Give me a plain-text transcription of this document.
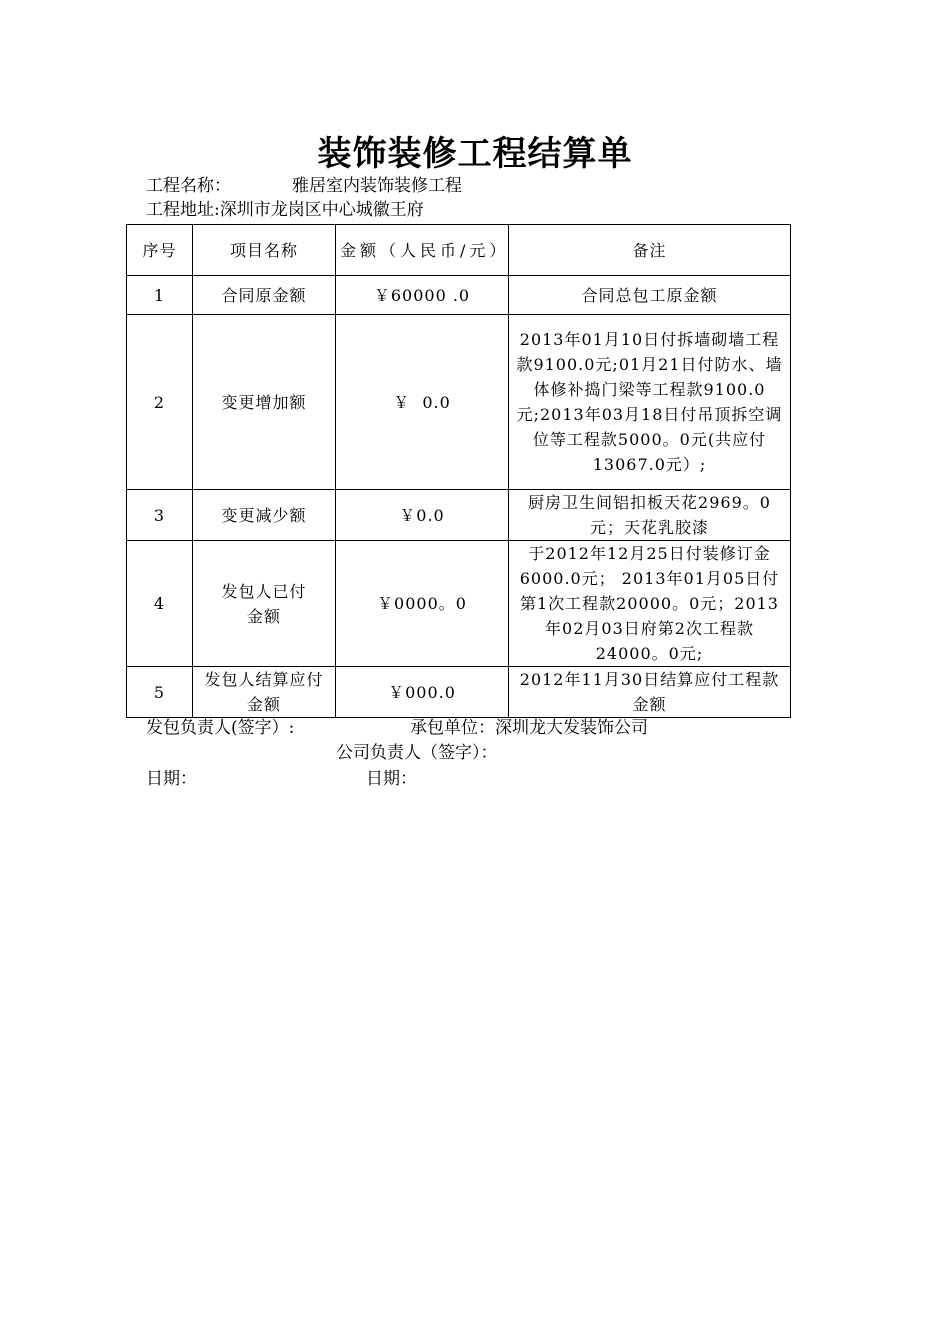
装饰装修工程结算单
工程名称：	雅居室内装饰装修工程
工程地址:深圳市龙岗区中心城徽王府
序号	项目名称	金额（人民币/元）	备注
1	合同原金额	￥60000 .0	合同总包工原金额
2	变更增加额	￥  0.0	2013年01月10日付拆墙砌墙工程款9100.0元;01月21日付防水、墙体修补捣门梁等工程款9100.0元;2013年03月18日付吊顶拆空调位等工程款5000。0元(共应付13067.0元）;
3	变更减少额	￥0.0	厨房卫生间铝扣板天花2969。0元；天花乳胶漆
4	发包人已付金额	￥0000。0	于2012年12月25日付装修订金6000.0元； 2013年01月05日付第1次工程款20000。0元；2013年02月03日府第2次工程款24000。0元;
5	发包人结算应付金额	￥000.0	2012年11月30日结算应付工程款金额
发包负责人(签字）:	承包单位：深圳龙大发装饰公司
公司负责人（签字）：
日期：	日期：
